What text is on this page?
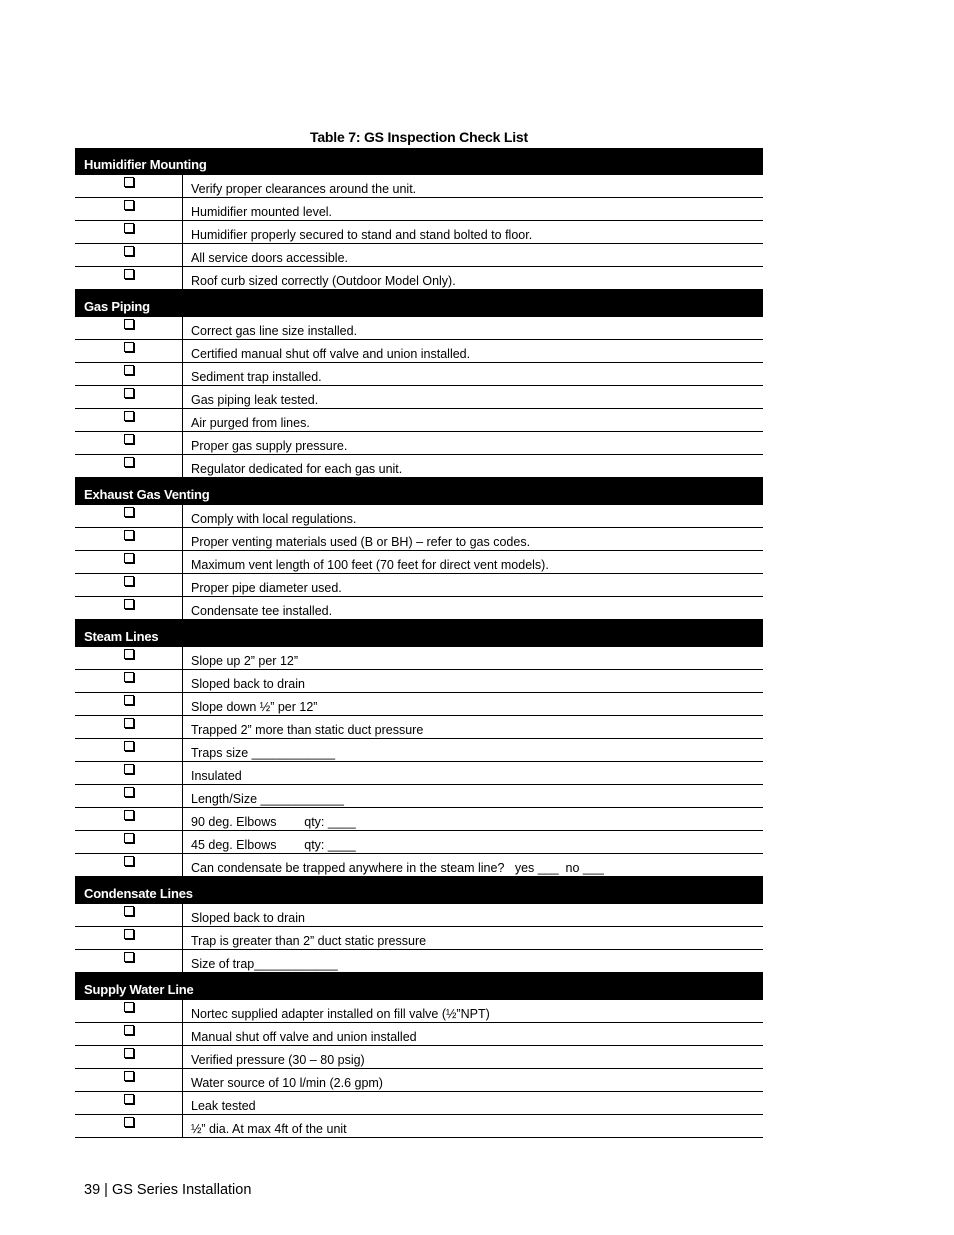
Table 7: GS Inspection Check List
Humidifier Mounting
Verify proper clearances around the unit.
Humidifier mounted level.
Humidifier properly secured to stand and stand bolted to floor.
All service doors accessible.
Roof curb sized correctly (Outdoor Model Only).
Gas Piping
Correct gas line size installed.
Certified manual shut off valve and union installed.
Sediment trap installed.
Gas piping leak tested.
Air purged from lines.
Proper gas supply pressure.
Regulator dedicated for each gas unit.
Exhaust Gas Venting
Comply with local regulations.
Proper venting materials used (B or BH) – refer to gas codes.
Maximum vent length of 100 feet (70 feet for direct vent models).
Proper pipe diameter used.
Condensate tee installed.
Steam Lines
Slope up 2” per 12”
Sloped back to drain
Slope down ½” per 12”
Trapped 2” more than static duct pressure
Traps size ____________
Insulated
Length/Size ____________
90 deg. Elbows        qty: ____
45 deg. Elbows        qty: ____
Can condensate be trapped anywhere in the steam line?   yes ___  no ___
Condensate Lines
Sloped back to drain
Trap is greater than 2” duct static pressure
Size of trap____________
Supply Water Line
Nortec supplied adapter installed on fill valve (½”NPT)
Manual shut off valve and union installed
Verified pressure (30 – 80 psig)
Water source of 10 l/min (2.6 gpm)
Leak tested
½” dia. At max 4ft of the unit
39 | GS Series Installation
